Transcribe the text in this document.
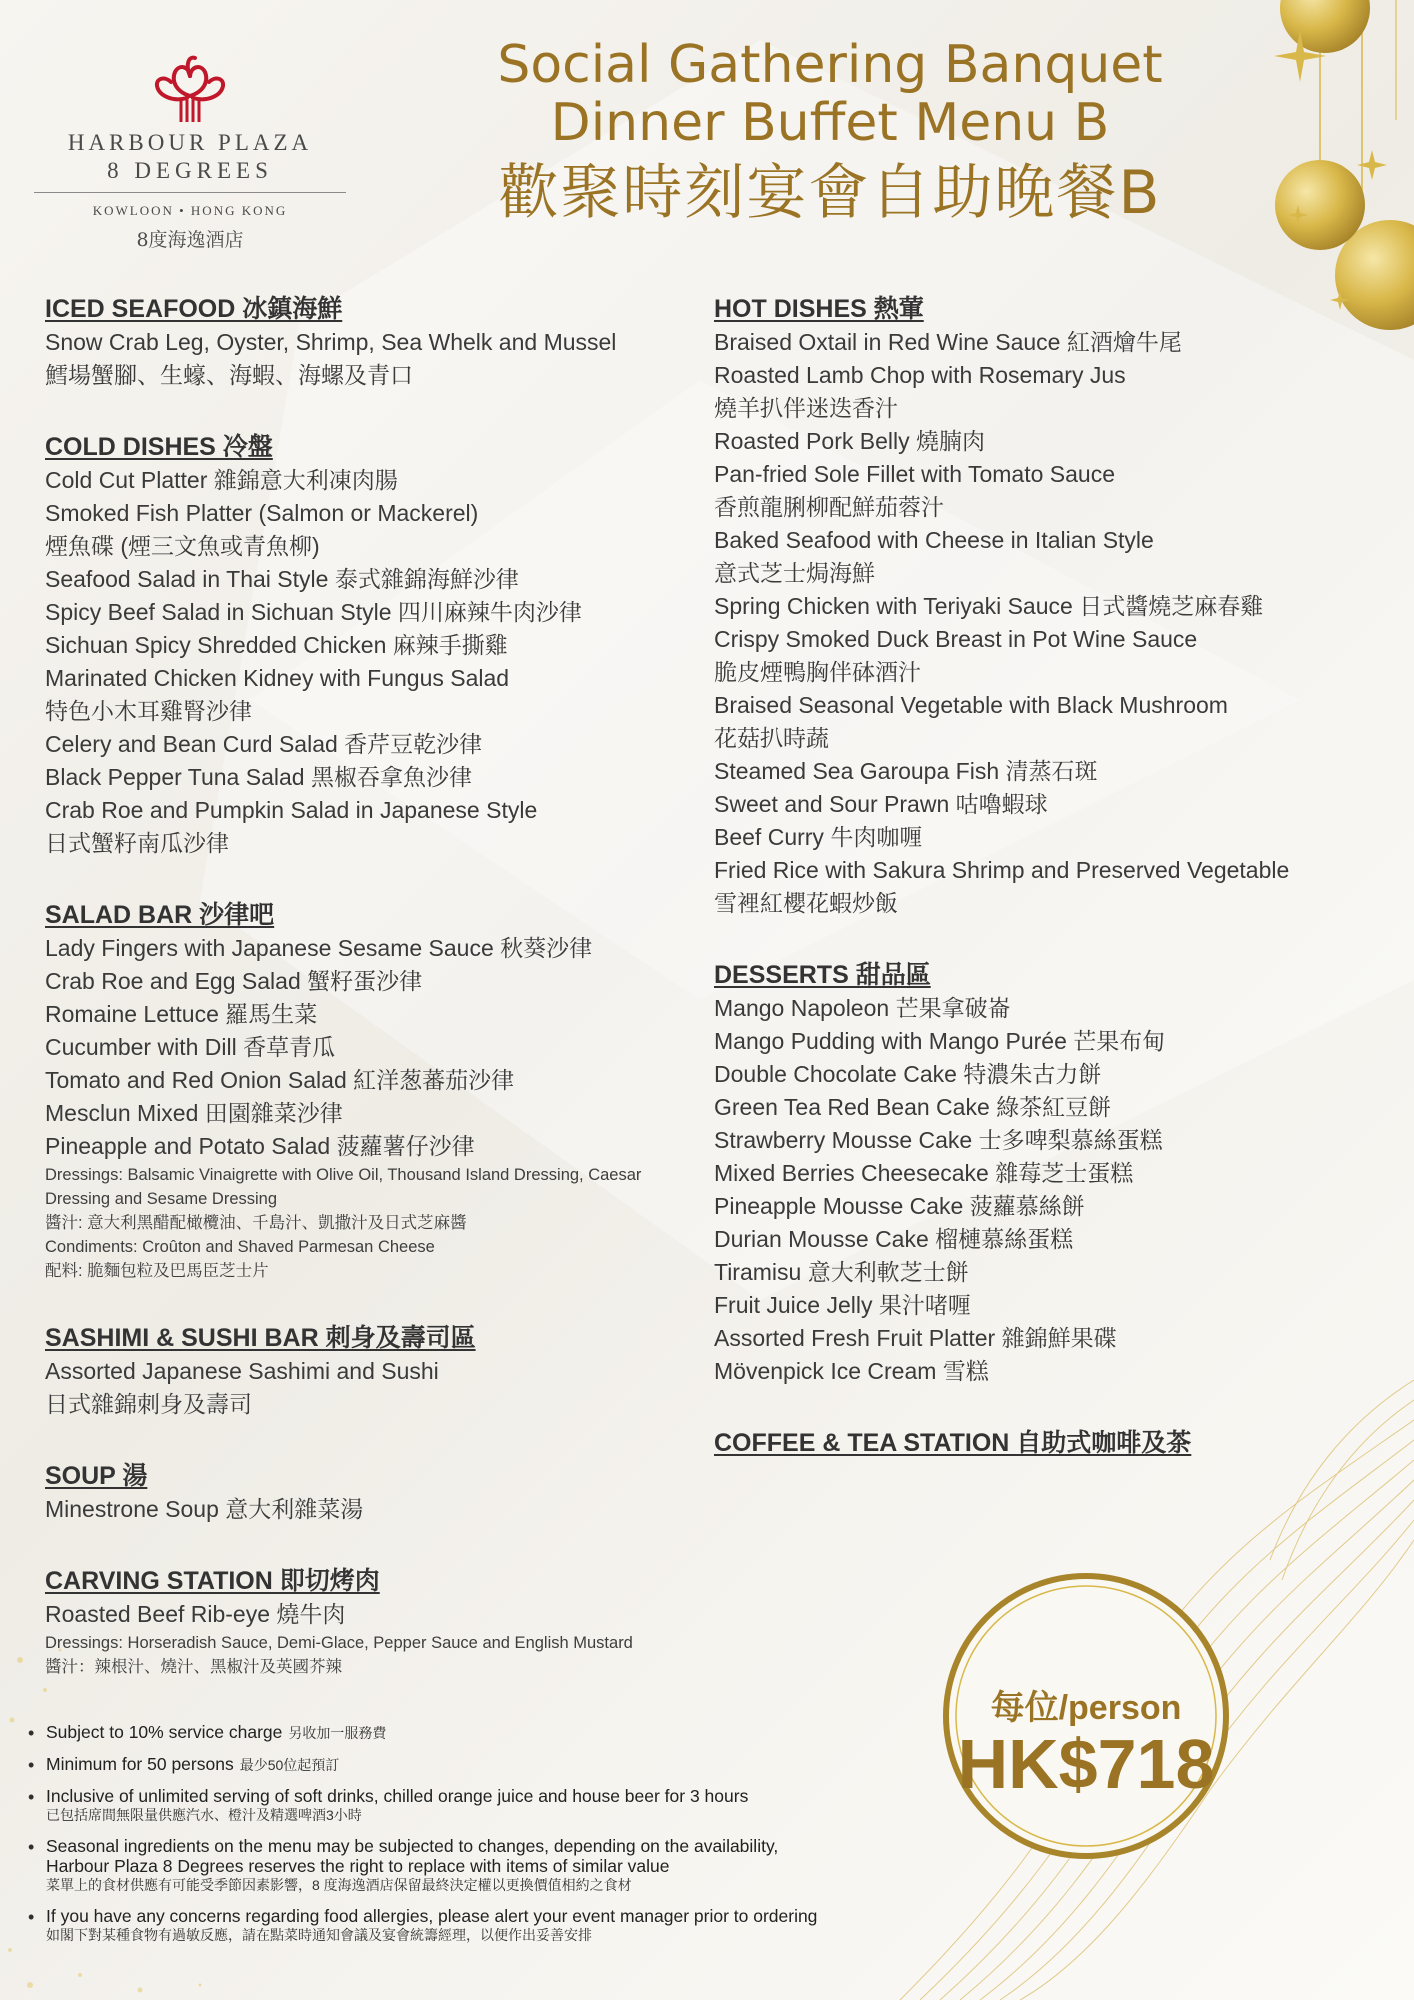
HARBOUR PLAZA
8 DEGREES
KOWLOON • HONG KONG
8度海逸酒店
Social Gathering Banquet
Dinner Buffet Menu B
歡聚時刻宴會自助晚餐B
ICED SEAFOOD 冰鎮海鮮
Snow Crab Leg, Oyster, Shrimp, Sea Whelk and Mussel
鱈場蟹腳、生蠔、海蝦、海螺及青口
COLD DISHES 冷盤
Cold Cut Platter 雜錦意大利凍肉腸
Smoked Fish Platter (Salmon or Mackerel)
煙魚碟 (煙三文魚或青魚柳)
Seafood Salad in Thai Style 泰式雜錦海鮮沙律
Spicy Beef Salad in Sichuan Style 四川麻辣牛肉沙律
Sichuan Spicy Shredded Chicken 麻辣手撕雞
Marinated Chicken Kidney with Fungus Salad
特色小木耳雞腎沙律
Celery and Bean Curd Salad 香芹豆乾沙律
Black Pepper Tuna Salad 黑椒吞拿魚沙律
Crab Roe and Pumpkin Salad in Japanese Style
日式蟹籽南瓜沙律
SALAD BAR 沙律吧
Lady Fingers with Japanese Sesame Sauce 秋葵沙律
Crab Roe and Egg Salad 蟹籽蛋沙律
Romaine Lettuce 羅馬生菜
Cucumber with Dill 香草青瓜
Tomato and Red Onion Salad 紅洋葱蕃茄沙律
Mesclun Mixed 田園雜菜沙律
Pineapple and Potato Salad 菠蘿薯仔沙律
Dressings: Balsamic Vinaigrette with Olive Oil, Thousand Island Dressing, Caesar Dressing and Sesame Dressing
醬汁: 意大利黑醋配橄欖油、千島汁、凱撒汁及日式芝麻醬
Condiments: Croûton and Shaved Parmesan Cheese
配料: 脆麵包粒及巴馬臣芝士片
SASHIMI & SUSHI BAR 刺身及壽司區
Assorted Japanese Sashimi and Sushi
日式雜錦刺身及壽司
SOUP 湯
Minestrone Soup 意大利雜菜湯
CARVING STATION 即切烤肉
Roasted Beef Rib-eye 燒牛肉
Dressings: Horseradish Sauce, Demi-Glace, Pepper Sauce and English Mustard
醬汁：辣根汁、燒汁、黑椒汁及英國芥辣
HOT DISHES 熱葷
Braised Oxtail in Red Wine Sauce 紅酒燴牛尾
Roasted Lamb Chop with Rosemary Jus
燒羊扒伴迷迭香汁
Roasted Pork Belly 燒腩肉
Pan-fried Sole Fillet with Tomato Sauce
香煎龍脷柳配鮮茄蓉汁
Baked Seafood with Cheese in Italian Style
意式芝士焗海鮮
Spring Chicken with Teriyaki Sauce 日式醬燒芝麻春雞
Crispy Smoked Duck Breast in Pot Wine Sauce
脆皮煙鴨胸伴砵酒汁
Braised Seasonal Vegetable with Black Mushroom
花菇扒時蔬
Steamed Sea Garoupa Fish 清蒸石斑
Sweet and Sour Prawn 咕嚕蝦球
Beef Curry 牛肉咖喱
Fried Rice with Sakura Shrimp and Preserved Vegetable
雪裡紅櫻花蝦炒飯
DESSERTS 甜品區
Mango Napoleon 芒果拿破崙
Mango Pudding with Mango Purée 芒果布甸
Double Chocolate Cake 特濃朱古力餅
Green Tea Red Bean Cake 綠茶紅豆餅
Strawberry Mousse Cake 士多啤梨慕絲蛋糕
Mixed Berries Cheesecake 雜莓芝士蛋糕
Pineapple Mousse Cake 菠蘿慕絲餅
Durian Mousse Cake 榴槤慕絲蛋糕
Tiramisu 意大利軟芝士餅
Fruit Juice Jelly 果汁啫喱
Assorted Fresh Fruit Platter 雜錦鮮果碟
Mövenpick Ice Cream 雪糕
COFFEE & TEA STATION 自助式咖啡及茶
• Subject to 10% service charge 另收加一服務費
• Minimum for 50 persons 最少50位起預訂
• Inclusive of unlimited serving of soft drinks, chilled orange juice and house beer for 3 hours
已包括席間無限量供應汽水、橙汁及精選啤酒3小時
• Seasonal ingredients on the menu may be subjected to changes, depending on the availability,
Harbour Plaza 8 Degrees reserves the right to replace with items of similar value
菜單上的食材供應有可能受季節因素影響，8 度海逸酒店保留最終決定權以更換價值相約之食材
• If you have any concerns regarding food allergies, please alert your event manager prior to ordering
如閣下對某種食物有過敏反應，請在點菜時通知會議及宴會統籌經理，以便作出妥善安排
每位/person
HK$718
